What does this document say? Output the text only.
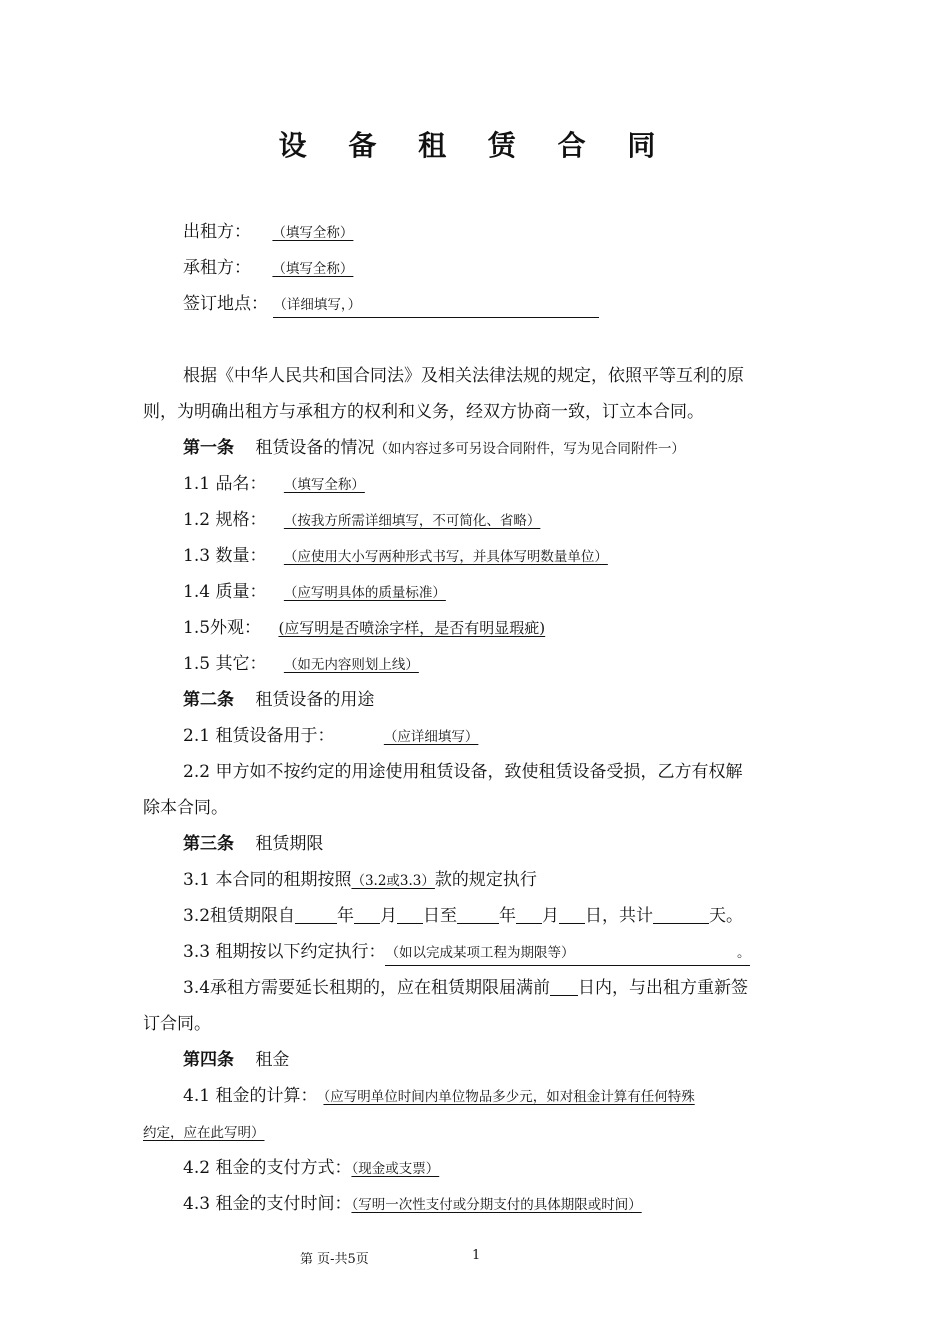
设 备 租 赁 合 同
出租方： （填写全称）
承租方： （填写全称）
签订地点： （详细填写，）
根据《中华人民共和国合同法》及相关法律法规的规定，依照平等互利的原
则，为明确出租方与承租方的权利和义务，经双方协商一致，订立本合同。
第一条 租赁设备的情况（如内容过多可另设合同附件，写为见合同附件一）
1.1 品名： （填写全称）
1.2 规格： （按我方所需详细填写，不可简化、省略）
1.3 数量： （应使用大小写两种形式书写，并具体写明数量单位）
1.4 质量： （应写明具体的质量标准）
1.5外观： (应写明是否喷涂字样，是否有明显瑕疵)
1.5 其它： （如无内容则划上线）
第二条 租赁设备的用途
2.1 租赁设备用于：	（应详细填写）
2.2 甲方如不按约定的用途使用租赁设备，致使租赁设备受损，乙方有权解
除本合同。
第三条 租赁期限
3.1 本合同的租期按照（3.2或3.3）款的规定执行
3.2租赁期限自 年 月 日至 年 月 日，共计	天。
3.3 租期按以下约定执行：（如以完成某项工程为期限等）	。
3.4承租方需要延长租期的，应在租赁期限届满前 日内，与出租方重新签
订合同。
第四条 租金
4.1 租金的计算： （应写明单位时间内单位物品多少元，如对租金计算有任何特殊
约定，应在此写明）
4.2 租金的支付方式：（现金或支票）
4.3 租金的支付时间：（写明一次性支付或分期支付的具体期限或时间）
第 页-共5页	1
